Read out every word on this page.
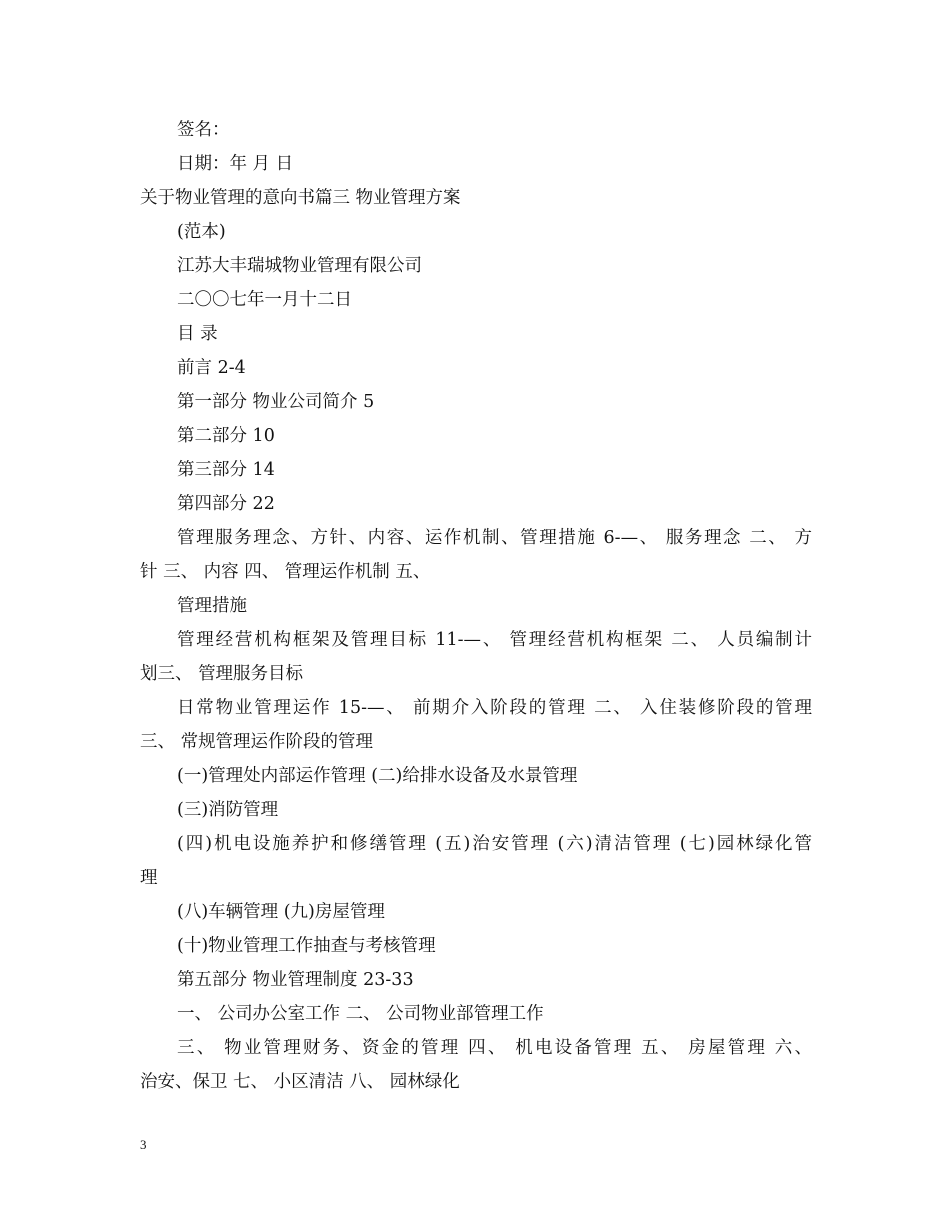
签名：
日期：年 月 日
关于物业管理的意向书篇三 物业管理方案
(范本)
江苏大丰瑞城物业管理有限公司
二〇〇七年一月十二日
目 录
前言 2-4
第一部分 物业公司简介 5
第二部分 10
第三部分 14
第四部分 22
管理服务理念、方针、内容、运作机制、管理措施 6-—、 服务理念 二、 方
针 三、 内容 四、 管理运作机制 五、
管理措施
管理经营机构框架及管理目标 11-—、 管理经营机构框架 二、 人员编制计
划三、 管理服务目标
日常物业管理运作 15-—、 前期介入阶段的管理 二、 入住装修阶段的管理
三、 常规管理运作阶段的管理
(一)管理处内部运作管理 (二)给排水设备及水景管理
(三)消防管理
(四)机电设施养护和修缮管理 (五)治安管理 (六)清洁管理 (七)园林绿化管
理
(八)车辆管理 (九)房屋管理
(十)物业管理工作抽查与考核管理
第五部分 物业管理制度 23-33
一、 公司办公室工作 二、 公司物业部管理工作
三、 物业管理财务、资金的管理 四、 机电设备管理 五、 房屋管理 六、
治安、保卫 七、 小区清洁 八、 园林绿化
3
